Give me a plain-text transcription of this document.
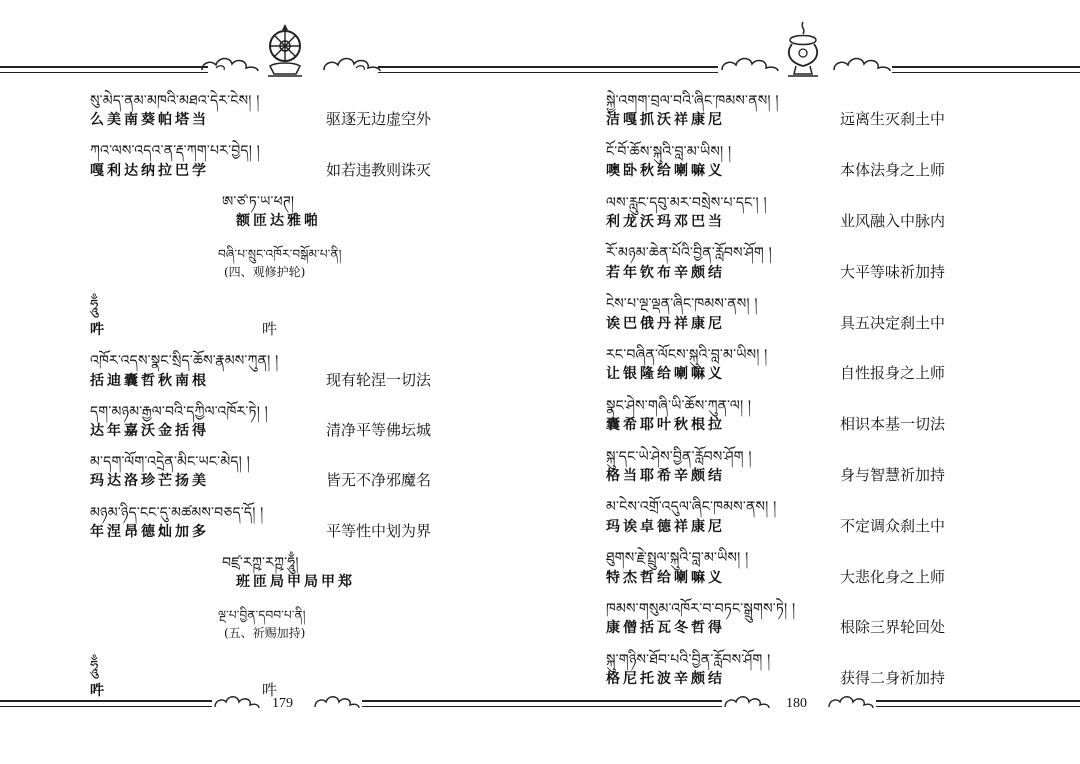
སུ་མེད་ནམ་མཁའི་མཐའ་དེར་ངེས། །
么美南葵帕塔当	驱逐无边虚空外
ཀའ་ལས་འདའ་ན་རྡ་ཀག་པར་བྱེད། །
嘎利达纳拉巴学	如若违教则诛灭
ཨ་ཙ་ཏ་ཡ་ཕཊ།
额匝达雅啪
བཞི་པ་སྲུང་འཁོར་བསྒོམ་པ་ནི།
(四、观修护轮)
ཧཱུྃ
吽	吽
འཁོར་འདས་སྣང་སྲིད་ཆོས་རྣམས་ཀུན། །
括迪囊哲秋南根	现有轮涅一切法
དག་མཉམ་རྒྱལ་བའི་དཀྱིལ་འཁོར་ཏེ། །
达年嘉沃金括得	清净平等佛坛城
མ་དག་ལོག་འདྲེན་མིང་ཡང་མེད། །
玛达洛珍芒扬美	皆无不净邪魔名
མཉམ་ཉིད་ངང་དུ་མཚམས་བཅད་དོ། །
年涅昂德灿加多	平等性中划为界
བཛྲ་རཀྵ་རཀྵ་ཧཱུྃ།
班匝局甲局甲郑
ལྔ་པ་བྱིན་དབབ་པ་ནི།
(五、祈赐加持)
ཧཱུྃ
吽	吽
179
སྐྱེ་འགག་བྲལ་བའི་ཞིང་ཁམས་ནས། །
洁嘎抓沃祥康尼	远离生灭刹土中
ངོ་བོ་ཆོས་སྐུའི་བླ་མ་ཡིས། །
噢卧秋给喇嘛义	本体法身之上师
ལས་རླུང་དབུ་མར་བསྲེས་པ་དང་། །
利龙沃玛邓巴当	业风融入中脉内
རོ་མཉམ་ཆེན་པོའི་བྱིན་རློབས་ཤོག །
若年钦布辛颇结	大平等味祈加持
ངེས་པ་ལྔ་ལྡན་ཞིང་ཁམས་ནས། །
诶巴俄丹祥康尼	具五决定刹土中
རང་བཞིན་ལོངས་སྐུའི་བླ་མ་ཡིས། །
让银隆给喇嘛义	自性报身之上师
སྣང་ཤེས་གཞི་ཡི་ཆོས་ཀུན་ལ། །
囊希耶叶秋根拉	相识本基一切法
སྐུ་དང་ཡེ་ཤེས་བྱིན་རློབས་ཤོག །
格当耶希辛颇结	身与智慧祈加持
མ་ངེས་འགྲོ་འདུལ་ཞིང་ཁམས་ནས། །
玛诶卓德祥康尼	不定调众刹土中
ཐུགས་རྗེ་སྤྲུལ་སྐུའི་བླ་མ་ཡིས། །
特杰哲给喇嘛义	大悲化身之上师
ཁམས་གསུམ་འཁོར་བ་བཏང་སྒྲུགས་ཏེ། །
康僧括瓦冬哲得	根除三界轮回处
སྐུ་གཉིས་ཐོབ་པའི་བྱིན་རློབས་ཤོག །
格尼托波辛颇结	获得二身祈加持
180
